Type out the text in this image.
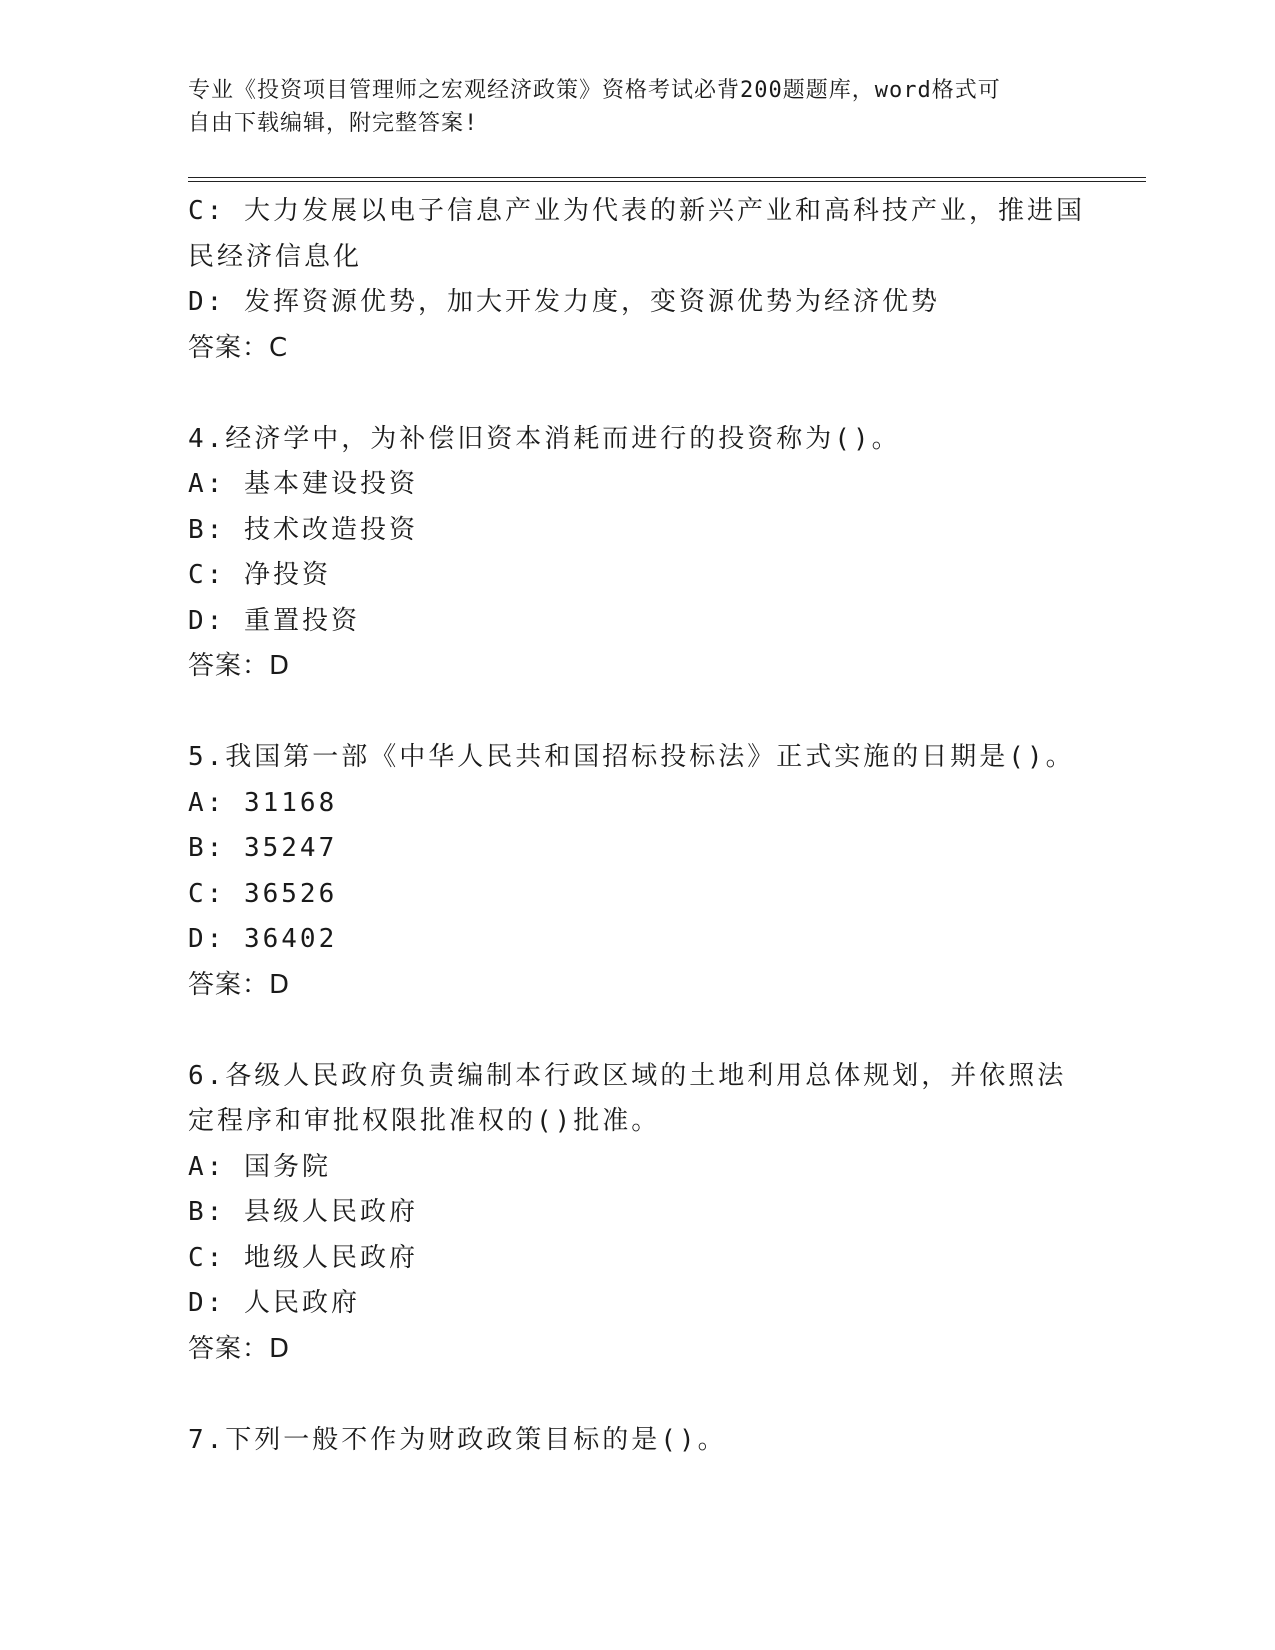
专业《投资项目管理师之宏观经济政策》资格考试必背200题题库，word格式可
自由下载编辑，附完整答案!
C: 大力发展以电子信息产业为代表的新兴产业和高科技产业，推进国
民经济信息化
D: 发挥资源优势，加大开发力度，变资源优势为经济优势
答案：C
4.经济学中，为补偿旧资本消耗而进行的投资称为()。
A: 基本建设投资
B: 技术改造投资
C: 净投资
D: 重置投资
答案：D
5.我国第一部《中华人民共和国招标投标法》正式实施的日期是()。
A: 31168
B: 35247
C: 36526
D: 36402
答案：D
6.各级人民政府负责编制本行政区域的土地利用总体规划，并依照法
定程序和审批权限批准权的()批准。
A: 国务院
B: 县级人民政府
C: 地级人民政府
D: 人民政府
答案：D
7.下列一般不作为财政政策目标的是()。
